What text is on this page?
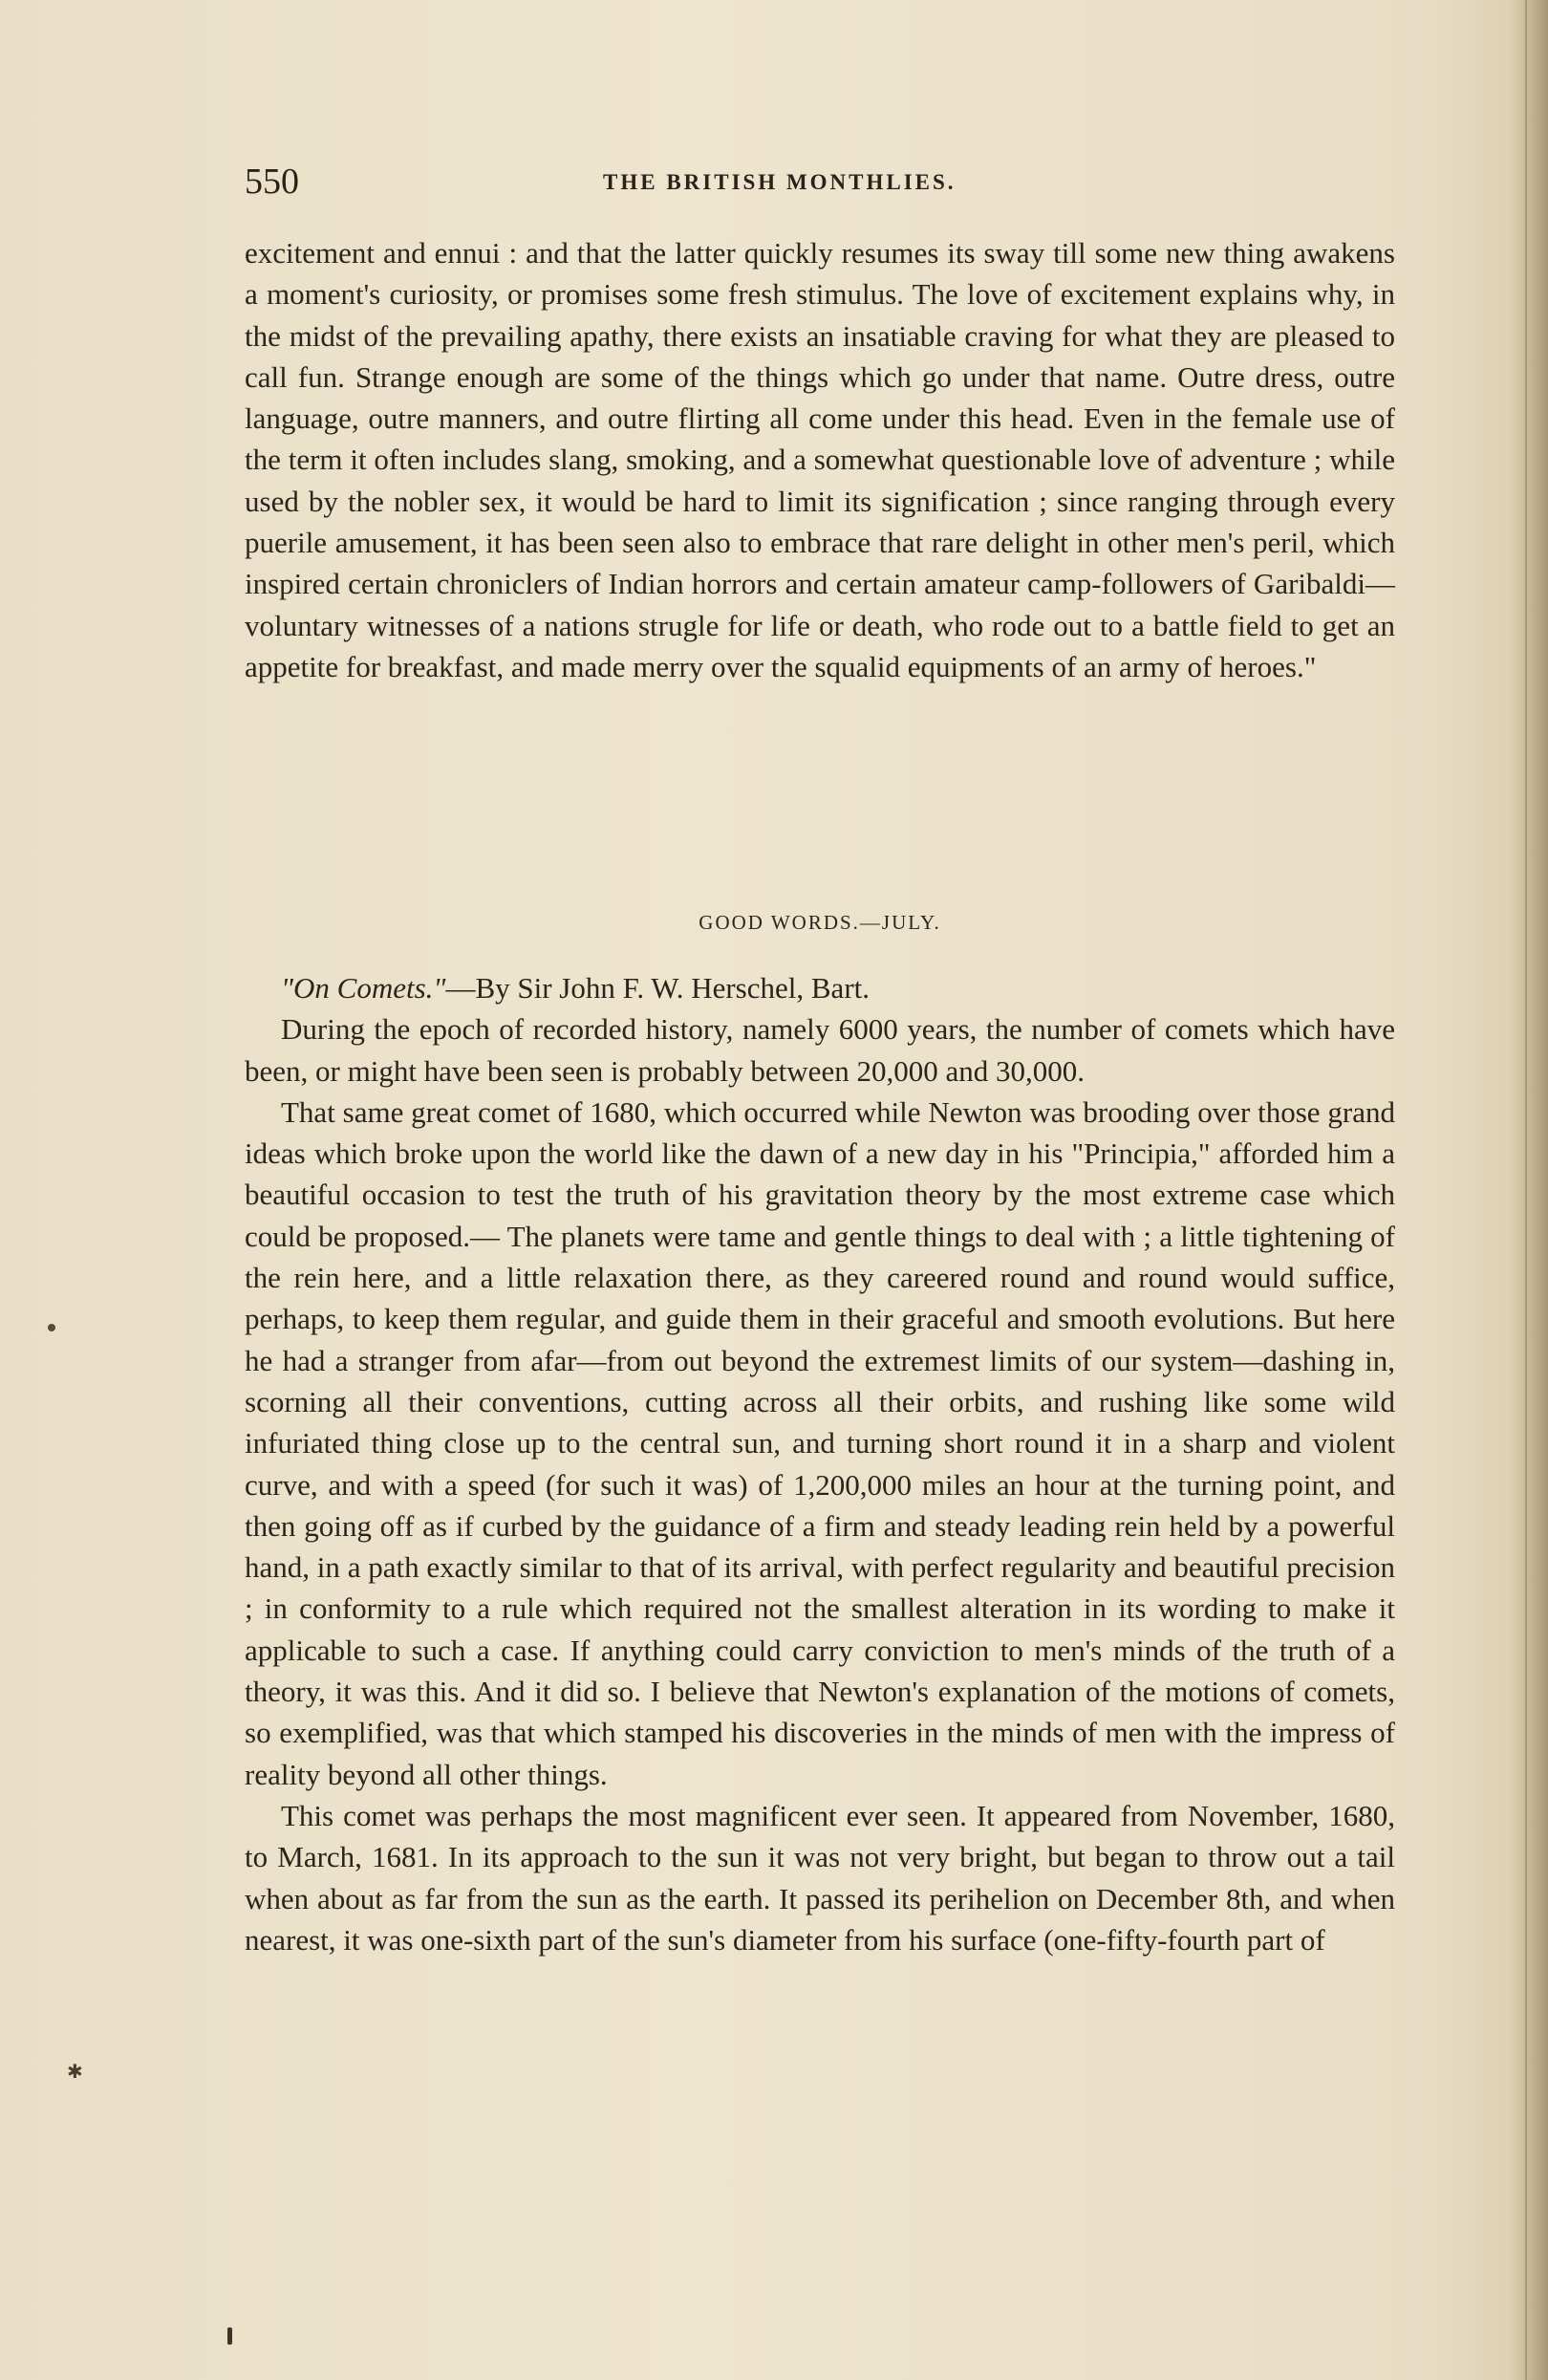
550	THE BRITISH MONTHLIES.

excitement and ennui : and that the latter quickly resumes its sway till some new thing awakens a moment's curiosity, or promises some fresh stimulus. The love of excitement explains why, in the midst of the prevailing apathy, there exists an insatiable craving for what they are pleased to call fun. Strange enough are some of the things which go under that name. Outre dress, outre language, outre manners, and outre flirting all come under this head. Even in the female use of the term it often includes slang, smoking, and a somewhat questionable love of adventure ; while used by the nobler sex, it would be hard to limit its signification ; since ranging through every puerile amusement, it has been seen also to embrace that rare delight in other men's peril, which inspired certain chroniclers of Indian horrors and certain amateur camp-followers of Garibaldi—voluntary witnesses of a nations strugle for life or death, who rode out to a battle field to get an appetite for breakfast, and made merry over the squalid equipments of an army of heroes."

GOOD WORDS.—JULY.

"On Comets."—By Sir John F. W. Herschel, Bart.

During the epoch of recorded history, namely 6000 years, the number of comets which have been, or might have been seen is probably between 20,000 and 30,000.

That same great comet of 1680, which occurred while Newton was brooding over those grand ideas which broke upon the world like the dawn of a new day in his "Principia," afforded him a beautiful occasion to test the truth of his gravitation theory by the most extreme case which could be proposed.— The planets were tame and gentle things to deal with ; a little tightening of the rein here, and a little relaxation there, as they careered round and round would suffice, perhaps, to keep them regular, and guide them in their graceful and smooth evolutions. But here he had a stranger from afar—from out beyond the extremest limits of our system—dashing in, scorning all their conventions, cutting across all their orbits, and rushing like some wild infuriated thing close up to the central sun, and turning short round it in a sharp and violent curve, and with a speed (for such it was) of 1,200,000 miles an hour at the turning point, and then going off as if curbed by the guidance of a firm and steady leading rein held by a powerful hand, in a path exactly similar to that of its arrival, with perfect regularity and beautiful precision ; in conformity to a rule which required not the smallest alteration in its wording to make it applicable to such a case. If anything could carry conviction to men's minds of the truth of a theory, it was this. And it did so. I believe that Newton's explanation of the motions of comets, so exemplified, was that which stamped his discoveries in the minds of men with the impress of reality beyond all other things.

This comet was perhaps the most magnificent ever seen. It appeared from November, 1680, to March, 1681. In its approach to the sun it was not very bright, but began to throw out a tail when about as far from the sun as the earth. It passed its perihelion on December 8th, and when nearest, it was one-sixth part of the sun's diameter from his surface (one-fifty-fourth part of

✱
